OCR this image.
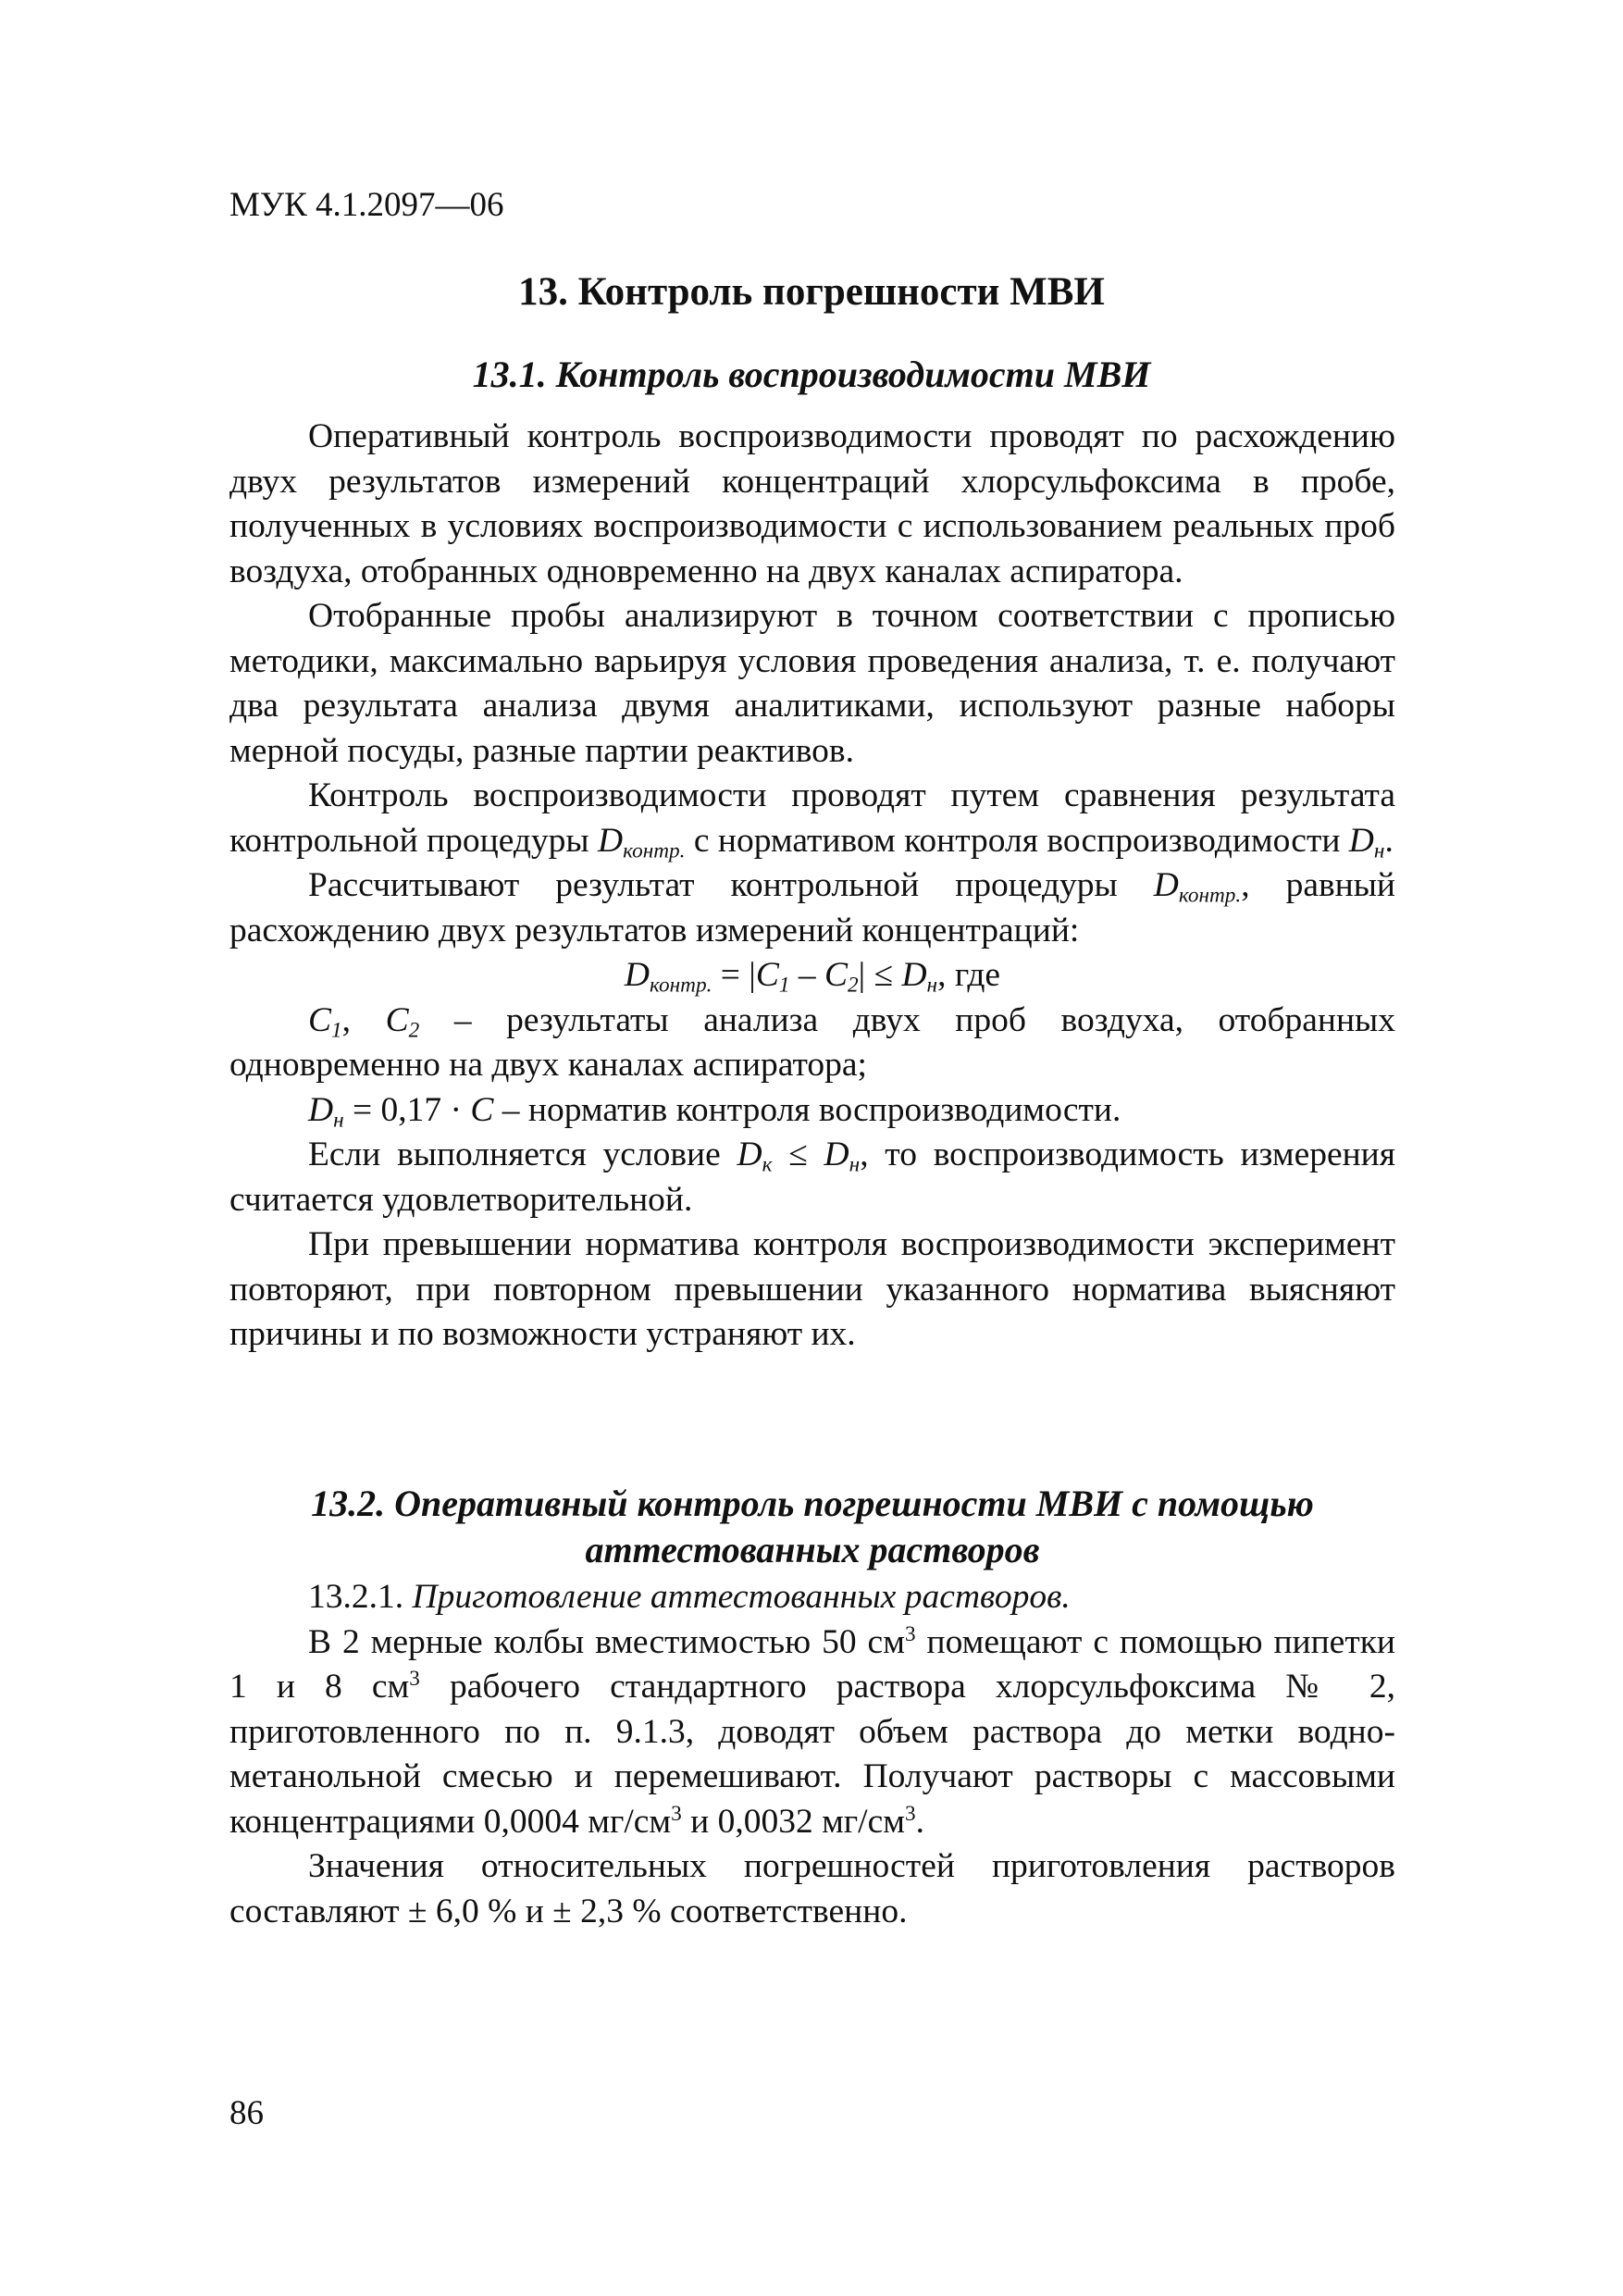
МУК 4.1.2097—06
13. Контроль погрешности МВИ
13.1. Контроль воспроизводимости МВИ

Оперативный контроль воспроизводимости проводят по расхождению двух результатов измерений концентраций хлорсульфоксима в пробе, полученных в условиях воспроизводимости с использованием реальных проб воздуха, отобранных одновременно на двух каналах аспиратора.

Отобранные пробы анализируют в точном соответствии с прописью методики, максимально варьируя условия проведения анализа, т. е. получают два результата анализа двумя аналитиками, используют разные наборы мерной посуды, разные партии реактивов.

Контроль воспроизводимости проводят путем сравнения результата контрольной процедуры $D_{контр.}$ с нормативом контроля воспроизводимости $D_н$.

Рассчитывают результат контрольной процедуры $D_{контр.}$, равный расхождению двух результатов измерений концентраций:

$D_{контр.} = |C_1 - C_2| \le D_н$, где

$C_1$, $C_2$ – результаты анализа двух проб воздуха, отобранных одновременно на двух каналах аспиратора;

$D_н = 0,17 \cdot C$ – норматив контроля воспроизводимости.

Если выполняется условие $D_к \le D_н$, то воспроизводимость измерения считается удовлетворительной.

При превышении норматива контроля воспроизводимости эксперимент повторяют, при повторном превышении указанного норматива выясняют причины и по возможности устраняют их.

13.2. Оперативный контроль погрешности МВИ с помощью
аттестованных растворов

13.2.1. Приготовление аттестованных растворов.

В 2 мерные колбы вместимостью 50 $см^3$ помещают с помощью пипетки 1 и 8 $см^3$ рабочего стандартного раствора хлорсульфоксима № 2, приготовленного по п. 9.1.3, доводят объем раствора до метки водно-метанольной смесью и перемешивают. Получают растворы с массовыми концентрациями 0,0004 $мг/см^3$ и 0,0032 $мг/см^3$.

Значения относительных погрешностей приготовления растворов составляют ± 6,0 % и ± 2,3 % соответственно.

86
